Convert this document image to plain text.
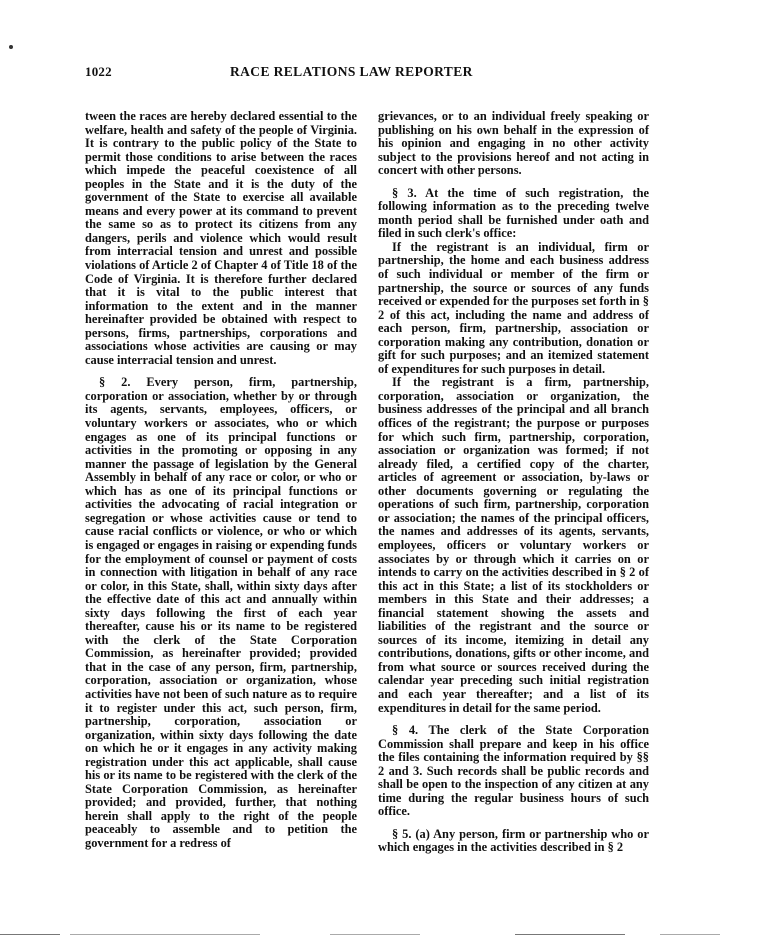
1022	RACE RELATIONS LAW REPORTER

tween the races are hereby declared essential to the welfare, health and safety of the people of Virginia. It is contrary to the public policy of the State to permit those conditions to arise between the races which impede the peaceful coexistence of all peoples in the State and it is the duty of the government of the State to exercise all available means and every power at its command to prevent the same so as to protect its citizens from any dangers, perils and violence which would result from interracial tension and unrest and possible violations of Article 2 of Chapter 4 of Title 18 of the Code of Virginia. It is therefore further declared that it is vital to the public interest that information to the extent and in the manner hereinafter provided be obtained with respect to persons, firms, partnerships, corporations and associations whose activities are causing or may cause interracial tension and unrest.

§ 2. Every person, firm, partnership, corporation or association, whether by or through its agents, servants, employees, officers, or voluntary workers or associates, who or which engages as one of its principal functions or activities in the promoting or opposing in any manner the passage of legislation by the General Assembly in behalf of any race or color, or who or which has as one of its principal functions or activities the advocating of racial integration or segregation or whose activities cause or tend to cause racial conflicts or violence, or who or which is engaged or engages in raising or expending funds for the employment of counsel or payment of costs in connection with litigation in behalf of any race or color, in this State, shall, within sixty days after the effective date of this act and annually within sixty days following the first of each year thereafter, cause his or its name to be registered with the clerk of the State Corporation Commission, as hereinafter provided; provided that in the case of any person, firm, partnership, corporation, association or organization, whose activities have not been of such nature as to require it to register under this act, such person, firm, partnership, corporation, association or organization, within sixty days following the date on which he or it engages in any activity making registration under this act applicable, shall cause his or its name to be registered with the clerk of the State Corporation Commission, as hereinafter provided; and provided, further, that nothing herein shall apply to the right of the people peaceably to assemble and to petition the government for a redress of

grievances, or to an individual freely speaking or publishing on his own behalf in the expression of his opinion and engaging in no other activity subject to the provisions hereof and not acting in concert with other persons.

§ 3. At the time of such registration, the following information as to the preceding twelve month period shall be furnished under oath and filed in such clerk's office:

If the registrant is an individual, firm or partnership, the home and each business address of such individual or member of the firm or partnership, the source or sources of any funds received or expended for the purposes set forth in § 2 of this act, including the name and address of each person, firm, partnership, association or corporation making any contribution, donation or gift for such purposes; and an itemized statement of expenditures for such purposes in detail.

If the registrant is a firm, partnership, corporation, association or organization, the business addresses of the principal and all branch offices of the registrant; the purpose or purposes for which such firm, partnership, corporation, association or organization was formed; if not already filed, a certified copy of the charter, articles of agreement or association, by-laws or other documents governing or regulating the operations of such firm, partnership, corporation or association; the names of the principal officers, the names and addresses of its agents, servants, employees, officers or voluntary workers or associates by or through which it carries on or intends to carry on the activities described in § 2 of this act in this State; a list of its stockholders or members in this State and their addresses; a financial statement showing the assets and liabilities of the registrant and the source or sources of its income, itemizing in detail any contributions, donations, gifts or other income, and from what source or sources received during the calendar year preceding such initial registration and each year thereafter; and a list of its expenditures in detail for the same period.

§ 4. The clerk of the State Corporation Commission shall prepare and keep in his office the files containing the information required by §§ 2 and 3. Such records shall be public records and shall be open to the inspection of any citizen at any time during the regular business hours of such office.

§ 5. (a) Any person, firm or partnership who or which engages in the activities described in § 2
